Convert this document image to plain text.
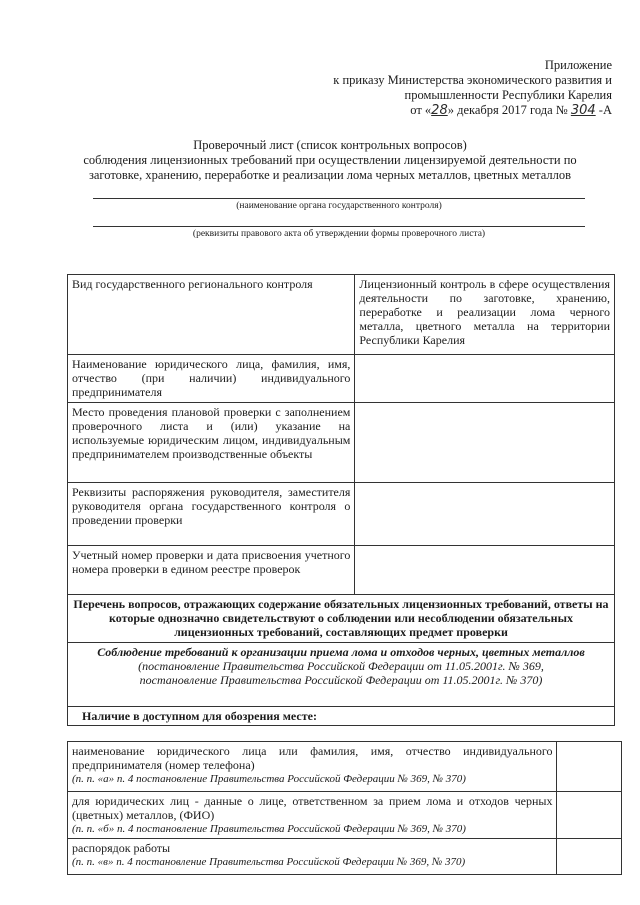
Приложение
к приказу Министерства экономического развития и
промышленности Республики Карелия
от «28» декабря 2017 года № 304 -А
Проверочный лист (список контрольных вопросов)
соблюдения лицензионных требований при осуществлении лицензируемой деятельности по
заготовке, хранению, переработке и реализации лома черных металлов, цветных металлов
(наименование органа государственного контроля)
(реквизиты правового акта об утверждении формы проверочного листа)
Вид государственного регионального контроля	Лицензионный контроль в сфере осуществления деятельности по заготовке, хранению, переработке и реализации лома черного металла, цветного металла на территории Республики Карелия
Наименование юридического лица, фамилия, имя, отчество (при наличии) индивидуального предпринимателя	
Место проведения плановой проверки с заполнением проверочного листа и (или) указание на используемые юридическим лицом, индивидуальным предпринимателем производственные объекты	
Реквизиты распоряжения руководителя, заместителя руководителя органа государственного контроля о проведении проверки	
Учетный номер проверки и дата присвоения учетного номера проверки в едином реестре проверок	
Перечень вопросов, отражающих содержание обязательных лицензионных требований, ответы на которые однозначно свидетельствуют о соблюдении или несоблюдении обязательных лицензионных требований, составляющих предмет проверки	

Соблюдение требований к организации приема лома и отходов черных, цветных металлов
(постановление Правительства Российской Федерации от 11.05.2001г. № 369,
постановление Правительства Российской Федерации от 11.05.2001г. № 370)	

Наличие в доступном для обозрения месте:	
наименование юридического лица или фамилия, имя, отчество индивидуального предпринимателя (номер телефона)
(п. п. «а» п. 4 постановление Правительства Российской Федерации № 369, № 370)	

для юридических лиц - данные о лице, ответственном за прием лома и отходов черных (цветных) металлов, (ФИО)
(п. п. «б» п. 4 постановление Правительства Российской Федерации № 369, № 370)	

распорядок работы
(п. п. «в» п. 4 постановление Правительства Российской Федерации № 369, № 370)	
